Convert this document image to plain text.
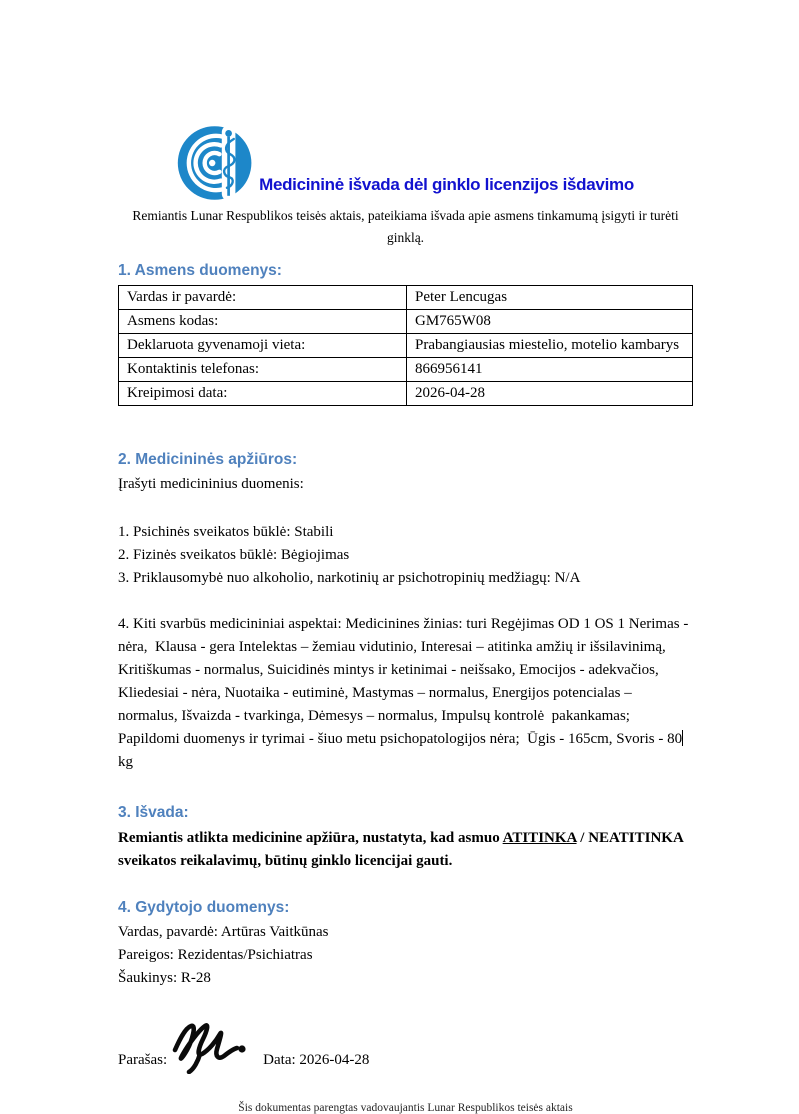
Medicininė išvada dėl ginklo licenzijos išdavimo

Remiantis Lunar Respublikos teisės aktais, pateikiama išvada apie asmens tinkamumą įsigyti ir turėti ginklą.

1. Asmens duomenys:
Vardas ir pavardė:	Peter Lencugas
Asmens kodas:	GM765W08
Deklaruota gyvenamoji vieta:	Prabangiausias miestelio, motelio kambarys
Kontaktinis telefonas:	866956141
Kreipimosi data:	2026-04-28
2. Medicininės apžiūros:

Įrašyti medicininius duomenis:

1. Psichinės sveikatos būklė: Stabili

2. Fizinės sveikatos būklė: Bėgiojimas

3. Priklausomybė nuo alkoholio, narkotinių ar psichotropinių medžiagų: N/A

4. Kiti svarbūs medicininiai aspektai: Medicinines žinias: turi Regėjimas OD 1 OS 1 Nerimas - nėra,  Klausa - gera Intelektas – žemiau vidutinio, Interesai – atitinka amžių ir išsilavinimą, Kritiškumas - normalus, Suicidinės mintys ir ketinimai - neišsako, Emocijos - adekvačios, Kliedesiai - nėra, Nuotaika - eutiminė, Mastymas – normalus, Energijos potencialas – normalus, Išvaizda - tvarkinga, Dėmesys – normalus, Impulsų kontrolė  pakankamas; Papildomi duomenys ir tyrimai - šiuo metu psichopatologijos nėra;  Ūgis - 165cm, Svoris - 80kg

3. Išvada:

Remiantis atlikta medicinine apžiūra, nustatyta, kad asmuo ATITINKA / NEATITINKA sveikatos reikalavimų, būtinų ginklo licencijai gauti.

4. Gydytojo duomenys:

Vardas, pavardė: Artūras Vaitkūnas

Pareigos: Rezidentas/Psichiatras

Šaukinys: R-28

Parašas:	Data: 2026-04-28

Šis dokumentas parengtas vadovaujantis Lunar Respublikos teisės aktais
